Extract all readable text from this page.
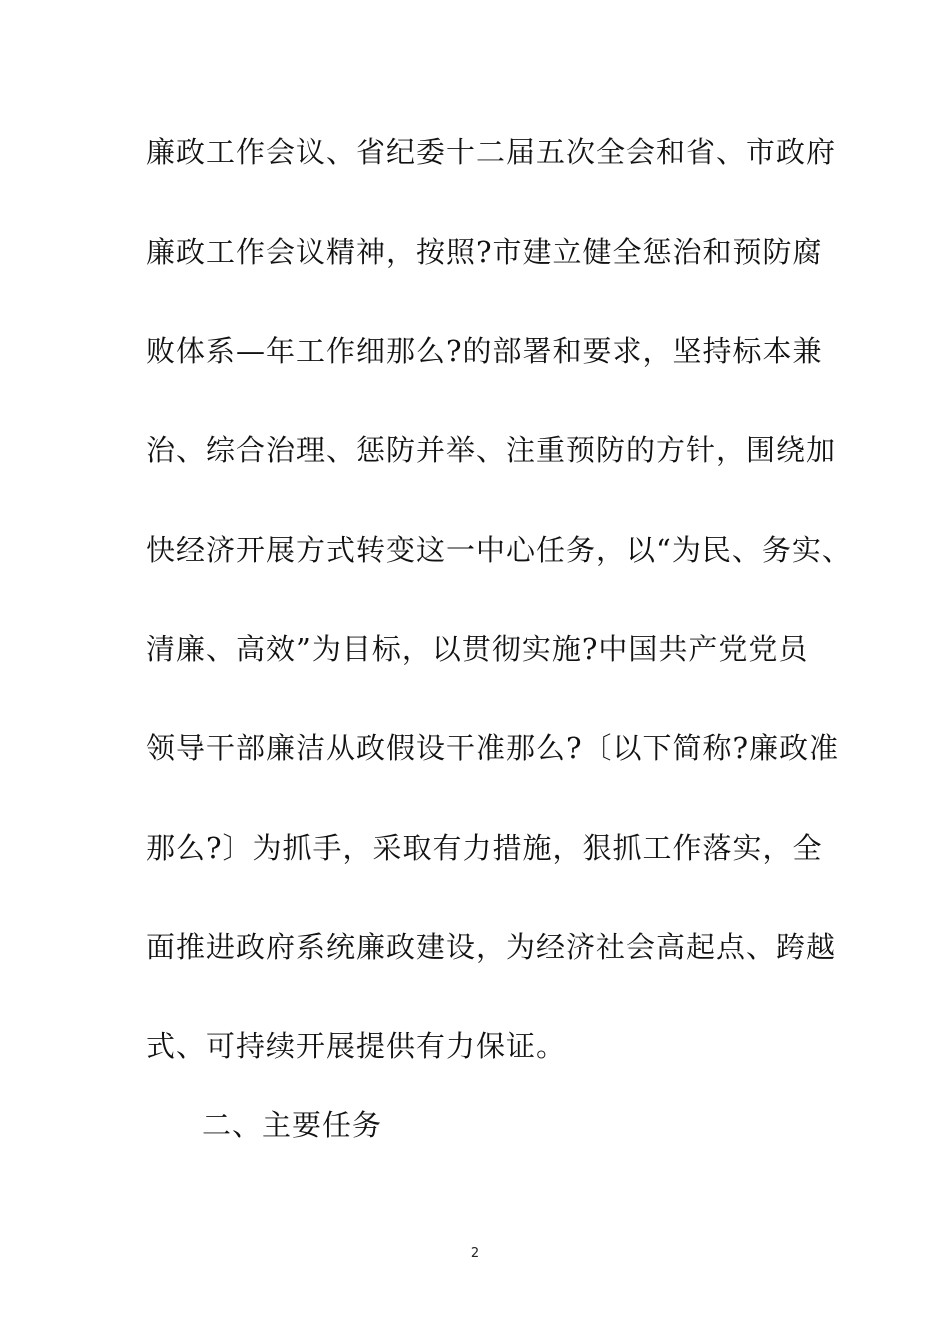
廉政工作会议、省纪委十二届五次全会和省、市政府
廉政工作会议精神，按照?市建立健全惩治和预防腐
败体系—年工作细那么?的部署和要求，坚持标本兼
治、综合治理、惩防并举、注重预防的方针，围绕加
快经济开展方式转变这一中心任务，以“为民、务实、
清廉、高效”为目标，以贯彻实施?中国共产党党员
领导干部廉洁从政假设干准那么?〔以下简称?廉政准
那么?〕为抓手，采取有力措施，狠抓工作落实，全
面推进政府系统廉政建设，为经济社会高起点、跨越
式、可持续开展提供有力保证。
二、主要任务
2
